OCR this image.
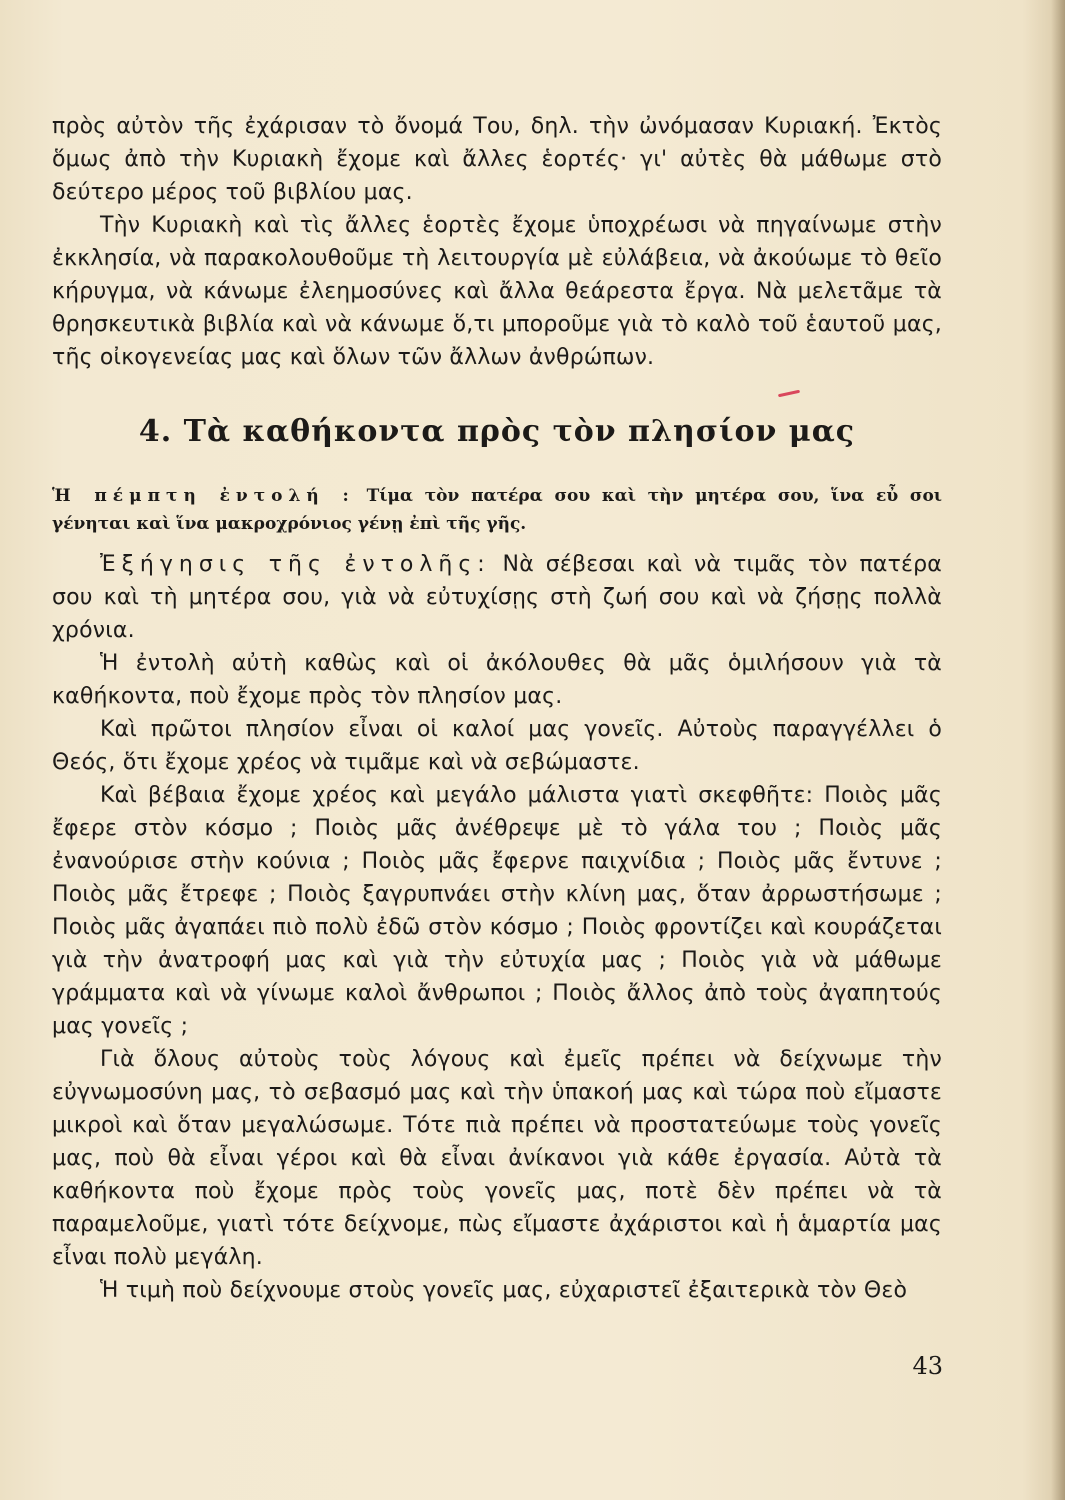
πρὸς αὐτὸν τῆς ἐχάρισαν τὸ ὄνομά Του, δηλ. τὴν ὠνόμασαν Κυριακή. Ἐκτὸς ὅμως ἀπὸ τὴν Κυριακὴ ἔχομε καὶ ἄλλες ἑορτές· γι' αὐτὲς θὰ μάθωμε στὸ δεύτερο μέρος τοῦ βιβλίου μας.

Τὴν Κυριακὴ καὶ τὶς ἄλλες ἑορτὲς ἔχομε ὑποχρέωσι νὰ πηγαίνωμε στὴν ἐκκλησία, νὰ παρακολουθοῦμε τὴ λειτουργία μὲ εὐλάβεια, νὰ ἀκούωμε τὸ θεῖο κήρυγμα, νὰ κάνωμε ἐλεημοσύνες καὶ ἄλλα θεάρεστα ἔργα. Νὰ μελετᾶμε τὰ θρησκευτικὰ βιβλία καὶ νὰ κάνωμε ὅ,τι μποροῦμε γιὰ τὸ καλὸ τοῦ ἑαυτοῦ μας, τῆς οἰκογενείας μας καὶ ὅλων τῶν ἄλλων ἀνθρώπων.

4. Τὰ καθήκοντα πρὸς τὸν πλησίον μας
Ἡ πέμπτη ἐντολή : Τίμα τὸν πατέρα σου καὶ τὴν μητέρα σου, ἵνα εὖ σοι γένηται καὶ ἵνα μακροχρόνιος γένῃ ἐπὶ τῆς γῆς.

Ἐξήγησις τῆς ἐντολῆς: Νὰ σέβεσαι καὶ νὰ τιμᾶς τὸν πατέρα σου καὶ τὴ μητέρα σου, γιὰ νὰ εὐτυχίσῃς στὴ ζωή σου καὶ νὰ ζήσῃς πολλὰ χρόνια.

Ἡ ἐντολὴ αὐτὴ καθὼς καὶ οἱ ἀκόλουθες θὰ μᾶς ὁμιλήσουν γιὰ τὰ καθήκοντα, ποὺ ἔχομε πρὸς τὸν πλησίον μας.

Καὶ πρῶτοι πλησίον εἶναι οἱ καλοί μας γονεῖς. Αὐτοὺς παραγγέλλει ὁ Θεός, ὅτι ἔχομε χρέος νὰ τιμᾶμε καὶ νὰ σεβώμαστε.

Καὶ βέβαια ἔχομε χρέος καὶ μεγάλο μάλιστα γιατὶ σκεφθῆτε: Ποιὸς μᾶς ἔφερε στὸν κόσμο ; Ποιὸς μᾶς ἀνέθρεψε μὲ τὸ γάλα του ; Ποιὸς μᾶς ἐνανούρισε στὴν κούνια ; Ποιὸς μᾶς ἔφερνε παιχνίδια ; Ποιὸς μᾶς ἔντυνε ; Ποιὸς μᾶς ἔτρεφε ; Ποιὸς ξαγρυπνάει στὴν κλίνη μας, ὅταν ἀρρωστήσωμε ; Ποιὸς μᾶς ἀγαπάει πιὸ πολὺ ἐδῶ στὸν κόσμο ; Ποιὸς φροντίζει καὶ κουράζεται γιὰ τὴν ἀνατροφή μας καὶ γιὰ τὴν εὐτυχία μας ; Ποιὸς γιὰ νὰ μάθωμε γράμματα καὶ νὰ γίνωμε καλοὶ ἄνθρωποι ; Ποιὸς ἄλλος ἀπὸ τοὺς ἀγαπητούς μας γονεῖς ;

Γιὰ ὅλους αὐτοὺς τοὺς λόγους καὶ ἐμεῖς πρέπει νὰ δείχνωμε τὴν εὐγνωμοσύνη μας, τὸ σεβασμό μας καὶ τὴν ὑπακοή μας καὶ τώρα ποὺ εἴμαστε μικροὶ καὶ ὅταν μεγαλώσωμε. Τότε πιὰ πρέπει νὰ προστατεύωμε τοὺς γονεῖς μας, ποὺ θὰ εἶναι γέροι καὶ θὰ εἶναι ἀνίκανοι γιὰ κάθε ἐργασία. Αὐτὰ τὰ καθήκοντα ποὺ ἔχομε πρὸς τοὺς γονεῖς μας, ποτὲ δὲν πρέπει νὰ τὰ παραμελοῦμε, γιατὶ τότε δείχνομε, πὼς εἴμαστε ἀχάριστοι καὶ ἡ ἁμαρτία μας εἶναι πολὺ μεγάλη.

Ἡ τιμὴ ποὺ δείχνουμε στοὺς γονεῖς μας, εὐχαριστεῖ ἐξαιτερικὰ τὸν Θεὸ

43
